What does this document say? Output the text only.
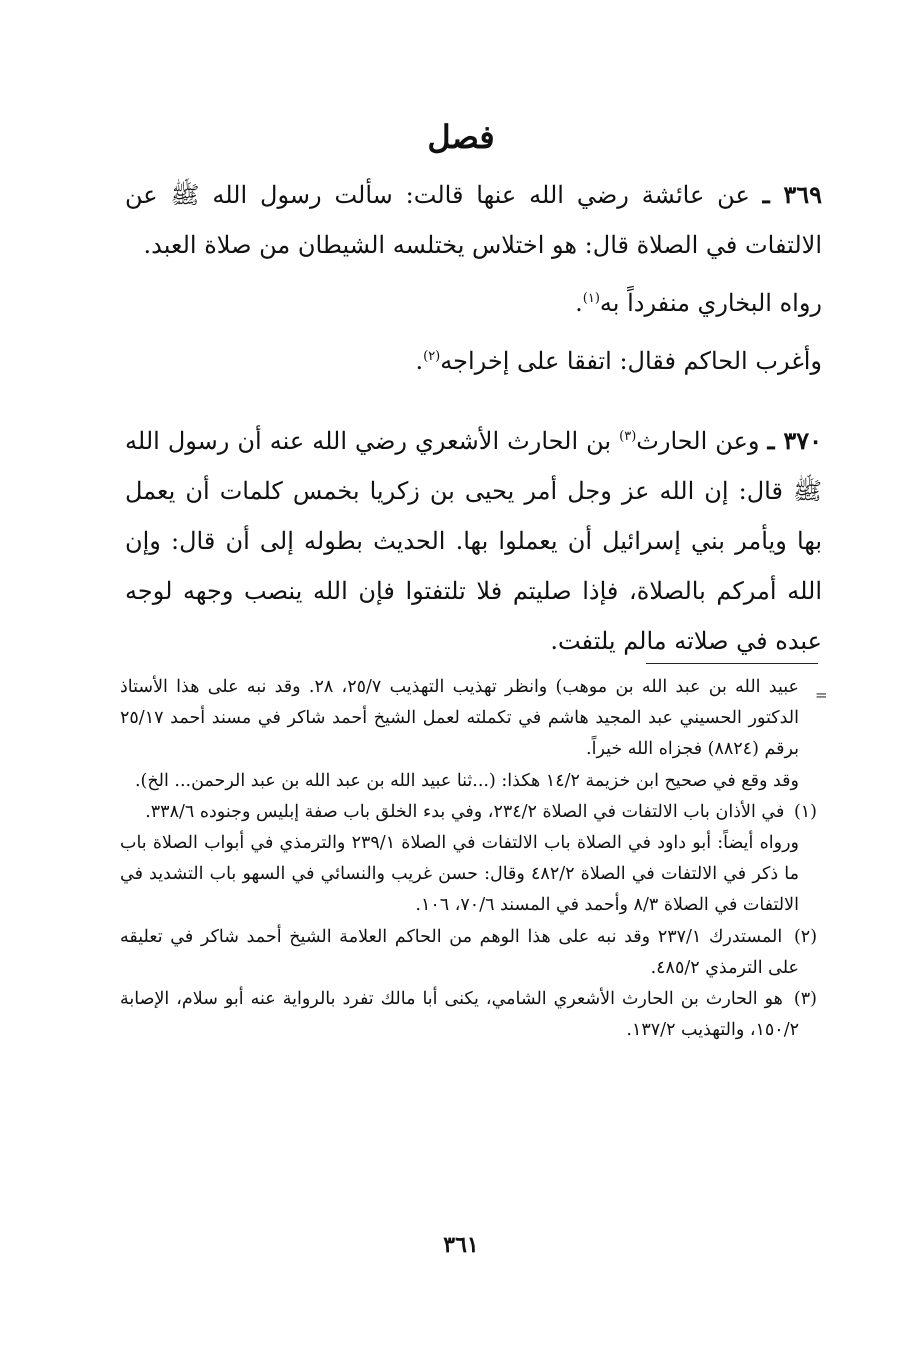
فصل

٣٦٩ ـ عن عائشة رضي الله عنها قالت: سألت رسول الله ﷺ عن الالتفات في الصلاة قال: هو اختلاس يختلسه الشيطان من صلاة العبد.

رواه البخاري منفرداً به$^{(١)}$.

وأغرب الحاكم فقال: اتفقا على إخراجه$^{(٢)}$.

٣٧٠ ـ وعن الحارث$^{(٣)}$ بن الحارث الأشعري رضي الله عنه أن رسول الله ﷺ قال: إن الله عز وجل أمر يحيى بن زكريا بخمس كلمات أن يعمل بها ويأمر بني إسرائيل أن يعملوا بها. الحديث بطوله إلى أن قال: وإن الله أمركم بالصلاة، فإذا صليتم فلا تلتفتوا فإن الله ينصب وجهه لوجه عبده في صلاته مالم يلتفت.

=

عبيد الله بن عبد الله بن موهب) وانظر تهذيب التهذيب ٢٥/٧، ٢٨. وقد نبه على هذا الأستاذ الدكتور الحسيني عبد المجيد هاشم في تكملته لعمل الشيخ أحمد شاكر في مسند أحمد ٢٥/١٧ برقم (٨٨٢٤) فجزاه الله خيراً.

وقد وقع في صحيح ابن خزيمة ١٤/٢ هكذا: (...ثنا عبيد الله بن عبد الله بن عبد الرحمن... الخ).

(١) في الأذان باب الالتفات في الصلاة ٢٣٤/٢، وفي بدء الخلق باب صفة إبليس وجنوده ٣٣٨/٦.

ورواه أيضاً: أبو داود في الصلاة باب الالتفات في الصلاة ٢٣٩/١ والترمذي في أبواب الصلاة باب ما ذكر في الالتفات في الصلاة ٤٨٢/٢ وقال: حسن غريب والنسائي في السهو باب التشديد في الالتفات في الصلاة ٨/٣ وأحمد في المسند ٧٠/٦، ١٠٦.

(٢) المستدرك ٢٣٧/١ وقد نبه على هذا الوهم من الحاكم العلامة الشيخ أحمد شاكر في تعليقه على الترمذي ٤٨٥/٢.

(٣) هو الحارث بن الحارث الأشعري الشامي، يكنى أبا مالك تفرد بالرواية عنه أبو سلام، الإصابة ١٥٠/٢، والتهذيب ١٣٧/٢.

٣٦١
